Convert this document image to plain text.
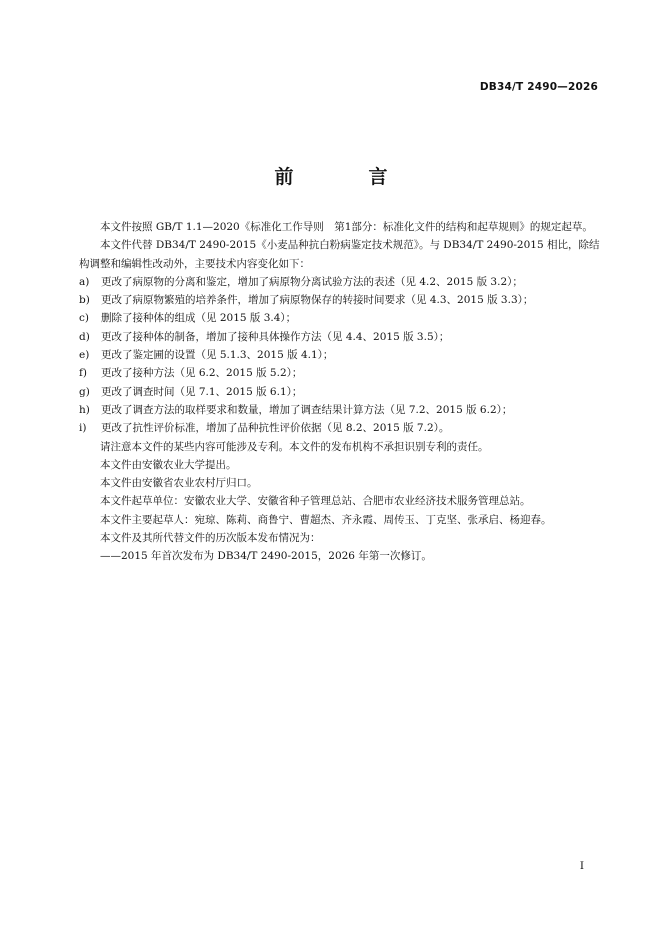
DB34/T 2490—2026
前　言

本文件按照 GB/T 1.1—2020《标准化工作导则　第1部分：标准化文件的结构和起草规则》的规定起草。

本文件代替 DB34/T 2490-2015《小麦品种抗白粉病鉴定技术规范》。与 DB34/T 2490-2015 相比，除结构调整和编辑性改动外，主要技术内容变化如下：

a) 更改了病原物的分离和鉴定，增加了病原物分离试验方法的表述（见 4.2、2015 版 3.2）；

b) 更改了病原物繁殖的培养条件，增加了病原物保存的转接时间要求（见 4.3、2015 版 3.3）；

c) 删除了接种体的组成（见 2015 版 3.4）；

d) 更改了接种体的制备，增加了接种具体操作方法（见 4.4、2015 版 3.5）；

e) 更改了鉴定圃的设置（见 5.1.3、2015 版 4.1）；

f) 更改了接种方法（见 6.2、2015 版 5.2）；

g) 更改了调查时间（见 7.1、2015 版 6.1）；

h) 更改了调查方法的取样要求和数量，增加了调查结果计算方法（见 7.2、2015 版 6.2）；

i) 更改了抗性评价标准，增加了品种抗性评价依据（见 8.2、2015 版 7.2）。

请注意本文件的某些内容可能涉及专利。本文件的发布机构不承担识别专利的责任。

本文件由安徽农业大学提出。

本文件由安徽省农业农村厅归口。

本文件起草单位：安徽农业大学、安徽省种子管理总站、合肥市农业经济技术服务管理总站。

本文件主要起草人：宛琼、陈莉、商鲁宁、曹超杰、齐永霞、周传玉、丁克坚、张承启、杨迎春。

本文件及其所代替文件的历次版本发布情况为：

——2015 年首次发布为 DB34/T 2490-2015，2026 年第一次修订。

I
